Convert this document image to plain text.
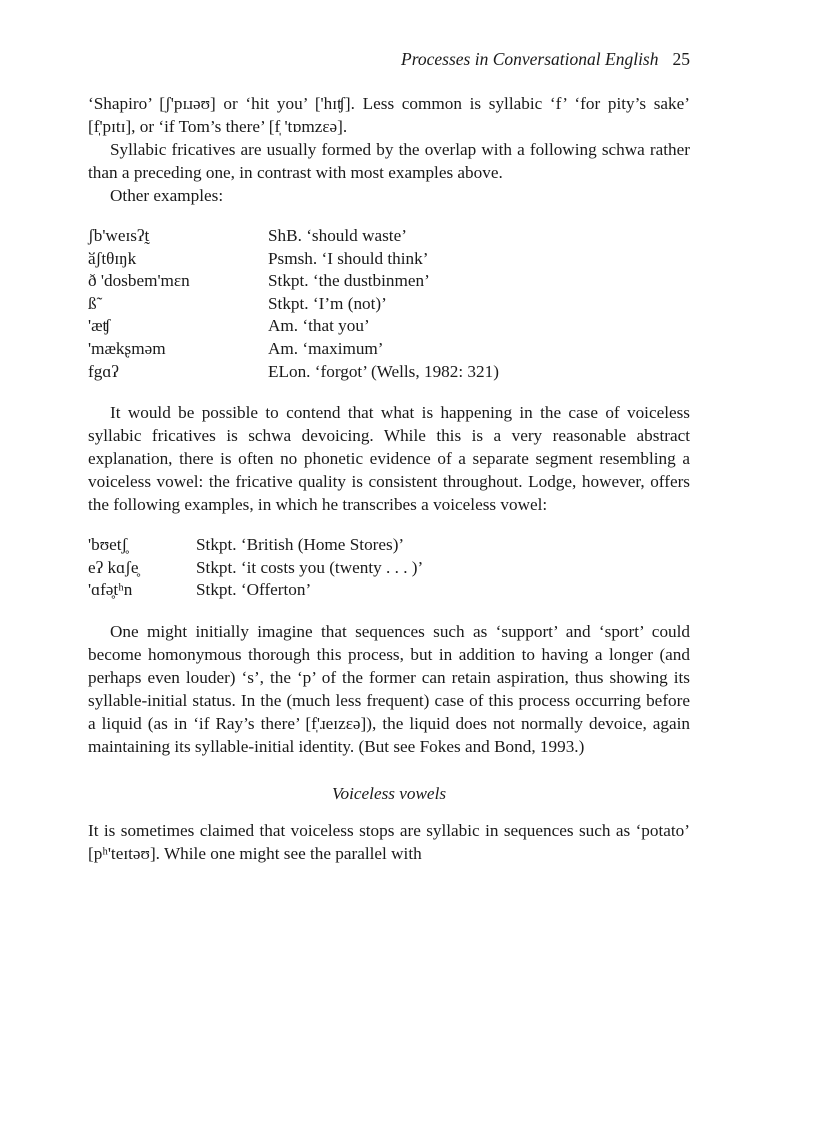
Processes in Conversational English 25

‘Shapiro’ [ʃ'pɪɹəʊ] or ‘hit you’ ['hɪʧ]. Less common is syllabic ‘f’ ‘for pity’s sake’ [f̩'pɪtɪ], or ‘if Tom’s there’ [f̩ 'tɒmzɛə].

Syllabic fricatives are usually formed by the overlap with a following schwa rather than a preceding one, in contrast with most examples above.

Other examples:

ʃb'weɪsʔt̰	ShB. ‘should waste’
ӑʃtθɪŋk	Psmsh. ‘I should think’
ð 'dosbem'mɛn	Stkpt. ‘the dustbinmen’
ß̃	Stkpt. ‘I’m (not)’
'æʧ	Am. ‘that you’
'mækʂməm	Am. ‘maximum’
fgɑʔ	ELon. ‘forgot’ (Wells, 1982: 321)

It would be possible to contend that what is happening in the case of voiceless syllabic fricatives is schwa devoicing. While this is a very reasonable abstract explanation, there is often no phonetic evidence of a separate segment resembling a voiceless vowel: the fricative quality is consistent throughout. Lodge, however, offers the following examples, in which he transcribes a voiceless vowel:

'bʊetʃ̥	Stkpt. ‘British (Home Stores)’
eʔ kɑʃe̥	Stkpt. ‘it costs you (twenty . . . )’
'ɑfə̥tʰn	Stkpt. ‘Offerton’

One might initially imagine that sequences such as ‘support’ and ‘sport’ could become homonymous thorough this process, but in addition to having a longer (and perhaps even louder) ‘s’, the ‘p’ of the former can retain aspiration, thus showing its syllable-initial status. In the (much less frequent) case of this process occurring before a liquid (as in ‘if Ray’s there’ [f̩'ɹeɪzɛə]), the liquid does not normally devoice, again maintaining its syllable-initial identity. (But see Fokes and Bond, 1993.)

Voiceless vowels

It is sometimes claimed that voiceless stops are syllabic in sequences such as ‘potato’ [pʰ'teɪtəʊ]. While one might see the parallel with
